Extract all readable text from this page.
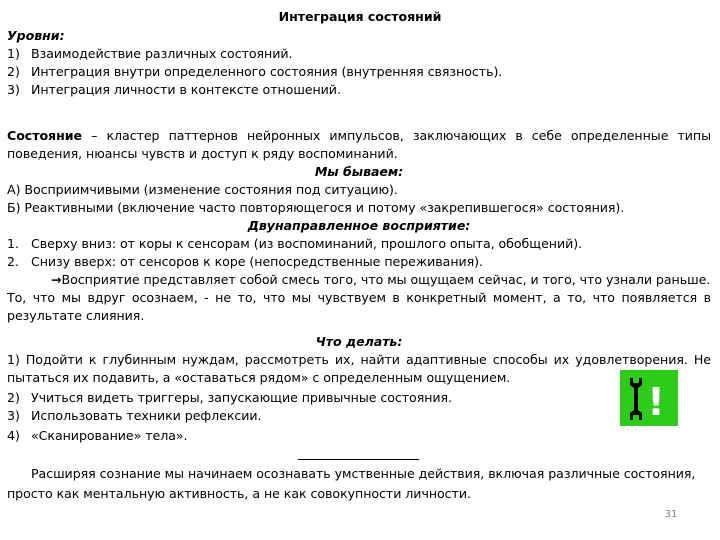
Интеграция состояний
Уровни:
1) Взаимодействие различных состояний.
2) Интеграция внутри определенного состояния (внутренняя связность).
3) Интеграция личности в контексте отношений.
Состояние – кластер паттернов нейронных импульсов, заключающих в себе определенные типы
поведения, нюансы чувств и доступ к ряду воспоминаний.
Мы бываем:
А) Восприимчивыми (изменение состояния под ситуацию).
Б) Реактивными (включение часто повторяющегося и потому «закрепившегося» состояния).
Двунаправленное восприятие:
1. Сверху вниз: от коры к сенсорам (из воспоминаний, прошлого опыта, обобщений).
2. Снизу вверх: от сенсоров к коре (непосредственные переживания).
→Восприятие представляет собой смесь того, что мы ощущаем сейчас, и того, что узнали раньше.
То, что мы вдруг осознаем, - не то, что мы чувствуем в конкретный момент, а то, что появляется в
результате слияния.
Что делать:
1) Подойти к глубинным нуждам, рассмотреть их, найти адаптивные способы их удовлетворения. Не
пытаться их подавить, а «оставаться рядом» с определенным ощущением.
2) Учиться видеть триггеры, запускающие привычные состояния.
3) Использовать техники рефлексии.
4) «Сканирование» тела».
Расширяя сознание мы начинаем осознавать умственные действия, включая различные состояния,
просто как ментальную активность, а не как совокупности личности.
!
31
